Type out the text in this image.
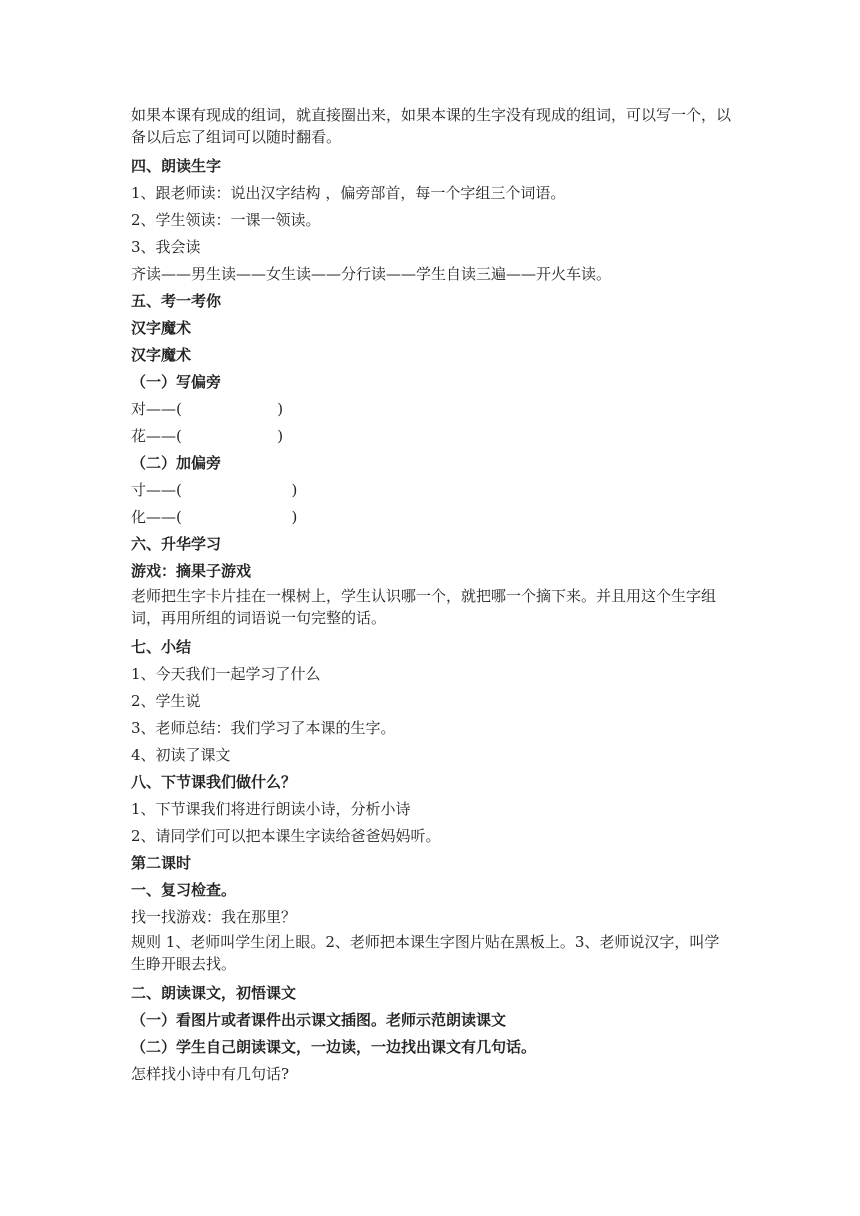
如果本课有现成的组词，就直接圈出来，如果本课的生字没有现成的组词，可以写一个，以备以后忘了组词可以随时翻看。

四、朗读生字
1、跟老师读：说出汉字结构 ，偏旁部首，每一个字组三个词语。
2、学生领读：一课一领读。
3、我会读
齐读——男生读——女生读——分行读——学生自读三遍——开火车读。
五、考一考你
汉字魔术
汉字魔术
（一）写偏旁
对——(                    )
花——(                    )
（二）加偏旁
寸——(                       )
化——(                       )
六、升华学习
游戏：摘果子游戏

老师把生字卡片挂在一棵树上，学生认识哪一个，就把哪一个摘下来。并且用这个生字组词，再用所组的词语说一句完整的话。

七、小结
1、今天我们一起学习了什么
2、学生说
3、老师总结：我们学习了本课的生字。
4、初读了课文
八、下节课我们做什么？
1、下节课我们将进行朗读小诗，分析小诗
2、请同学们可以把本课生字读给爸爸妈妈听。
第二课时
一、复习检查。
找一找游戏：我在那里？

规则 1、老师叫学生闭上眼。2、老师把本课生字图片贴在黑板上。3、老师说汉字，叫学生睁开眼去找。

二、朗读课文，初悟课文
（一）看图片或者课件出示课文插图。老师示范朗读课文
（二）学生自己朗读课文，一边读，一边找出课文有几句话。
怎样找小诗中有几句话?
